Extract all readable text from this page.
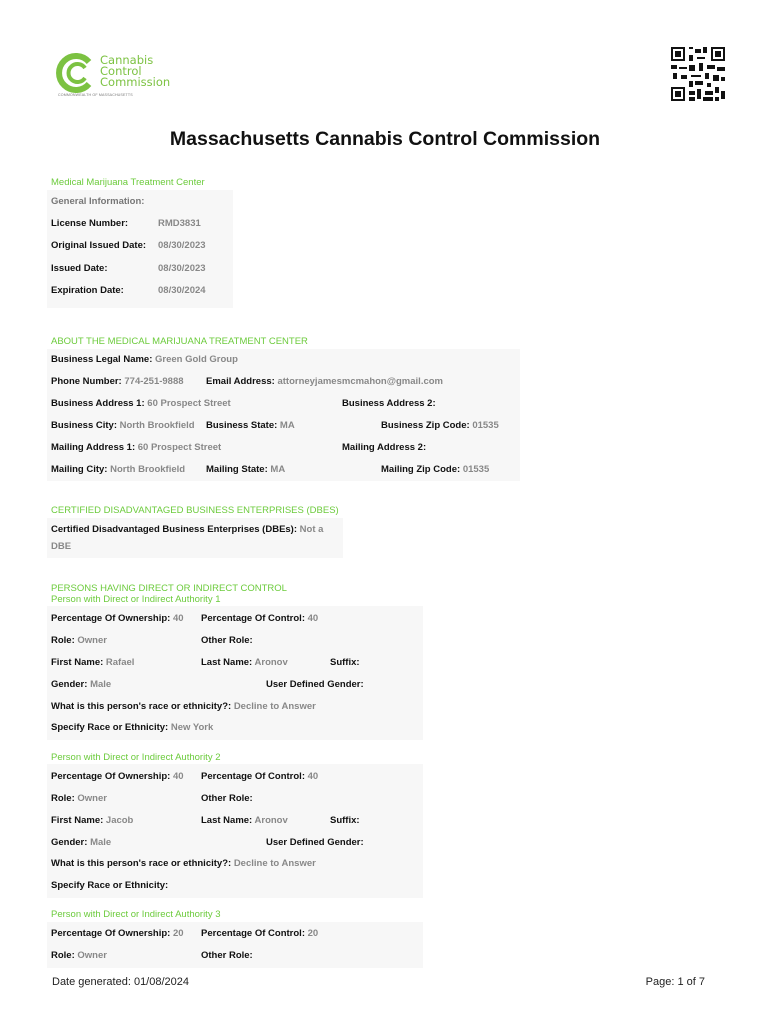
Cannabis
Control
Commission
COMMONWEALTH OF MASSACHUSETTS
Massachusetts Cannabis Control Commission
Medical Marijuana Treatment Center
General Information:
License Number:	RMD3831
Original Issued Date: 08/30/2023
Issued Date:	08/30/2023
Expiration Date:	08/30/2024
ABOUT THE MEDICAL MARIJUANA TREATMENT CENTER
Business Legal Name: Green Gold Group
Phone Number: 774-251-9888 Email Address: attorneyjamesmcmahon@gmail.com
Business Address 1: 60 Prospect Street	Business Address 2:
Business City: North Brookfield Business State: MA	Business Zip Code: 01535
Mailing Address 1: 60 Prospect Street	Mailing Address 2:
Mailing City: North Brookfield Mailing State: MA	Mailing Zip Code: 01535
CERTIFIED DISADVANTAGED BUSINESS ENTERPRISES (DBES)
Certified Disadvantaged Business Enterprises (DBEs): Not a
DBE
PERSONS HAVING DIRECT OR INDIRECT CONTROL
Person with Direct or Indirect Authority 1
Percentage Of Ownership: 40 Percentage Of Control: 40
Role: Owner	Other Role:
First Name: Rafael	Last Name: Aronov	Suffix:
Gender: Male	User Defined Gender:
What is this person's race or ethnicity?: Decline to Answer
Specify Race or Ethnicity: New York
Person with Direct or Indirect Authority 2
Percentage Of Ownership: 40 Percentage Of Control: 40
Role: Owner	Other Role:
First Name: Jacob	Last Name: Aronov	Suffix:
Gender: Male	User Defined Gender:
What is this person's race or ethnicity?: Decline to Answer
Specify Race or Ethnicity:
Person with Direct or Indirect Authority 3
Percentage Of Ownership: 20 Percentage Of Control: 20
Role: Owner	Other Role:
Date generated: 01/08/2024	Page: 1 of 7
